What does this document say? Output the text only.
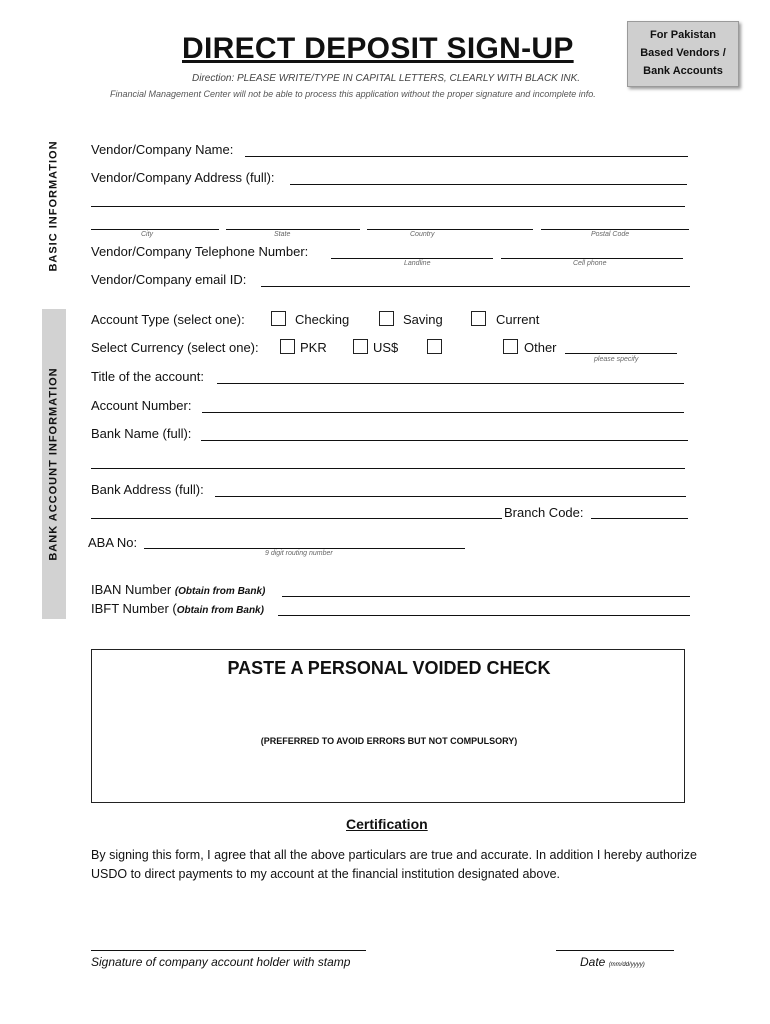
DIRECT DEPOSIT SIGN-UP	For Pakistan
Based Vendors /
Bank Accounts
Direction: PLEASE WRITE/TYPE IN CAPITAL LETTERS, CLEARLY WITH BLACK INK.
Financial Management Center will not be able to process this application without the proper signature and incomplete info.
BASIC INFORMATION
BANK ACCOUNT INFORMATION
Vendor/Company Name:
Vendor/Company Address (full):
City	State	Country	Postal Code
Vendor/Company Telephone Number:
Landline	Cell phone
Vendor/Company email ID:
Account Type (select one):	Checking	Saving	Current
Select Currency (select one):	PKR	US$	Other
please specify
Title of the account:
Account Number:
Bank Name (full):
Bank Address (full):
Branch Code:
ABA No:
9 digit routing number
IBAN Number (Obtain from Bank)
IBFT Number (Obtain from Bank)
PASTE A PERSONAL VOIDED CHECK
(PREFERRED TO AVOID ERRORS BUT NOT COMPULSORY)
Certification
By signing this form, I agree that all the above particulars are true and accurate. In addition I hereby authorize USDO to direct payments to my account at the financial institution designated above.
Signature of company account holder with stamp	Date (mm/dd/yyyy)
